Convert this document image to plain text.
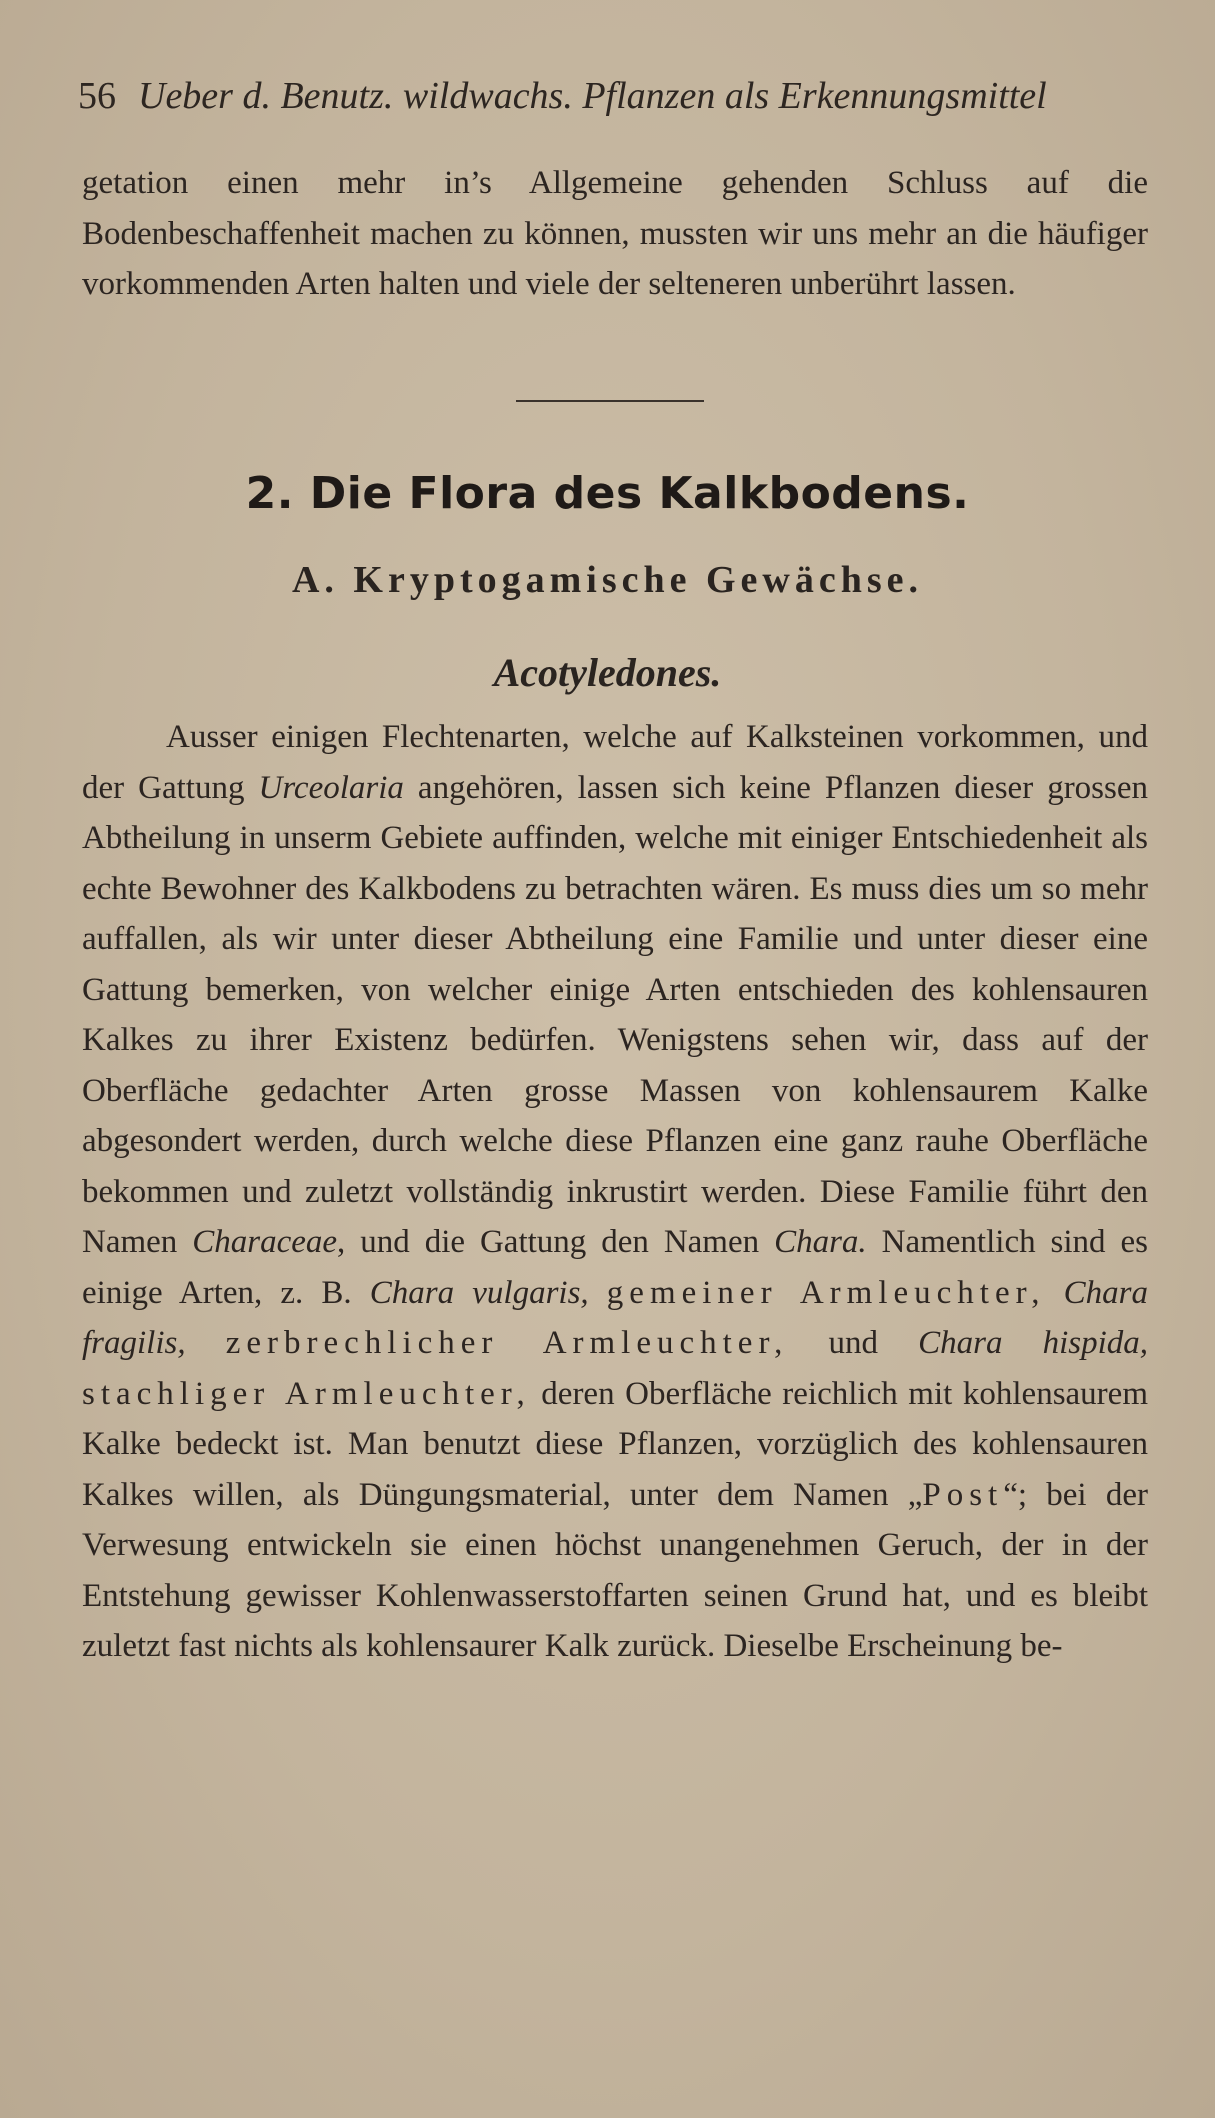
56 Ueber d. Benutz. wildwachs. Pflanzen als Erkennungsmittel
getation einen mehr in’s Allgemeine gehenden Schluss auf die Bodenbeschaffenheit machen zu können, mussten wir uns mehr an die häufiger vorkommenden Arten halten und viele der selteneren unberührt lassen.
2. Die Flora des Kalkbodens.
A. Kryptogamische Gewächse.
Acotyledones.
Ausser einigen Flechtenarten, welche auf Kalksteinen vorkommen, und der Gattung Urceolaria angehören, lassen sich keine Pflanzen dieser grossen Abtheilung in unserm Gebiete auffinden, welche mit einiger Entschiedenheit als echte Bewohner des Kalkbodens zu betrachten wären. Es muss dies um so mehr auffallen, als wir unter dieser Abtheilung eine Familie und unter dieser eine Gattung bemerken, von welcher einige Arten entschieden des kohlensauren Kalkes zu ihrer Existenz bedürfen. Wenigstens sehen wir, dass auf der Oberfläche gedachter Arten grosse Massen von kohlensaurem Kalke abgesondert werden, durch welche diese Pflanzen eine ganz rauhe Oberfläche bekommen und zuletzt vollständig inkrustirt werden. Diese Familie führt den Namen Characeae, und die Gattung den Namen Chara. Namentlich sind es einige Arten, z. B. Chara vulgaris, gemeiner Armleuchter, Chara fragilis, zerbrechlicher Armleuchter, und Chara hispida, stachliger Armleuchter, deren Oberfläche reichlich mit kohlensaurem Kalke bedeckt ist. Man benutzt diese Pflanzen, vorzüglich des kohlensauren Kalkes willen, als Düngungsmaterial, unter dem Namen „Post“; bei der Verwesung entwickeln sie einen höchst unangenehmen Geruch, der in der Entstehung gewisser Kohlenwasserstoffarten seinen Grund hat, und es bleibt zuletzt fast nichts als kohlensaurer Kalk zurück. Dieselbe Erscheinung be-
